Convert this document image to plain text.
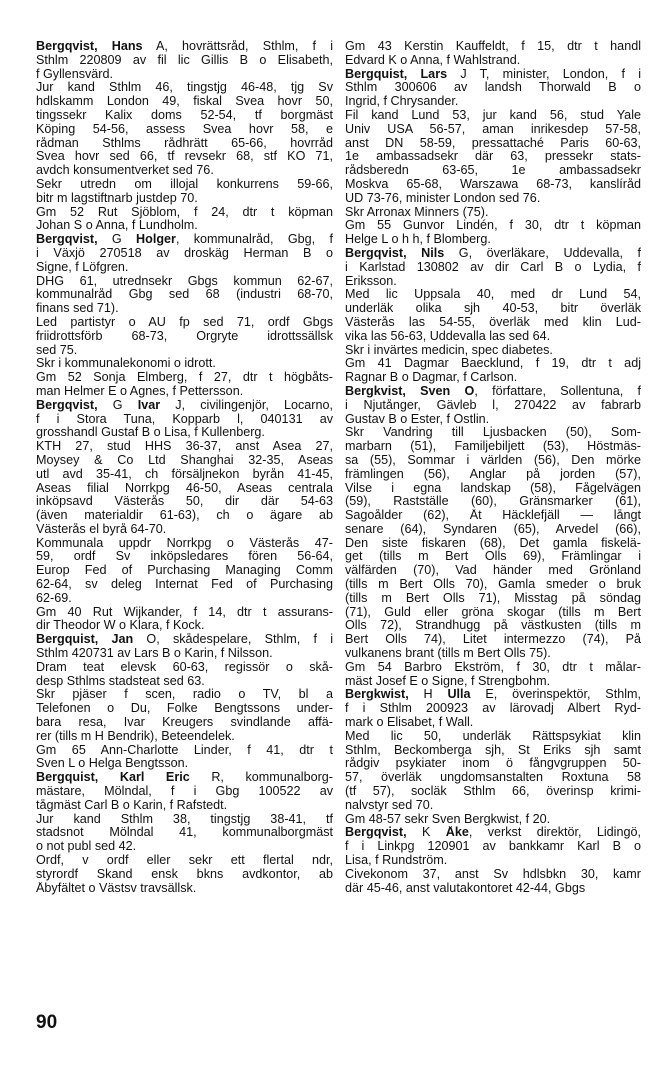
Bergqvist, Hans A, hovrättsråd, Sthlm, f i
Sthlm 220809 av fil lic Gillis B o Elisabeth,
f Gyllensvärd.
Jur kand Sthlm 46, tingstjg 46-48, tjg Sv
hdlskamm London 49, fiskal Svea hovr 50,
tingssekr Kalix doms 52-54, tf borgmäst
Köping 54-56, assess Svea hovr 58, e
rådman Sthlms rådhrätt 65-66, hovrråd
Svea hovr sed 66, tf revsekr 68, stf KO 71,
avdch konsumentverket sed 76.
Sekr utredn om illojal konkurrens 59-66,
bitr m lagstiftnarb justdep 70.
Gm 52 Rut Sjöblom, f 24, dtr t köpman
Johan S o Anna, f Lundholm.
Bergqvist, G Holger, kommunalråd, Gbg, f
i Växjö 270518 av droskäg Herman B o
Signe, f Löfgren.
DHG 61, utrednsekr Gbgs kommun 62-67,
kommunalråd Gbg sed 68 (industri 68-70,
finans sed 71).
Led partistyr o AU fp sed 71, ordf Gbgs
friidrottsförb 68-73, Örgryte idrottssällsk
sed 75.
Skr i kommunalekonomi o idrott.
Gm 52 Sonja Elmberg, f 27, dtr t högbåts-
man Helmer E o Agnes, f Pettersson.
Bergqvist, G Ivar J, civilingenjör, Locarno,
f i Stora Tuna, Kopparb l, 040131 av
grosshandl Gustaf B o Lisa, f Kullenberg.
KTH 27, stud HHS 36-37, anst Asea 27,
Moysey & Co Ltd Shanghai 32-35, Aseas
utl avd 35-41, ch försäljnekon byrån 41-45,
Aseas filial Norrkpg 46-50, Aseas centrala
inköpsavd Västerås 50, dir där 54-63
(även materialdir 61-63), ch o ägare ab
Västerås el byrå 64-70.
Kommunala uppdr Norrkpg o Västerås 47-
59, ordf Sv inköpsledares fören 56-64,
Europ Fed of Purchasing Managing Comm
62-64, sv deleg Internat Fed of Purchasing
62-69.
Gm 40 Rut Wijkander, f 14, dtr t assurans-
dir Theodor W o Klara, f Kock.
Bergquist, Jan O, skådespelare, Sthlm, f i
Sthlm 420731 av Lars B o Karin, f Nilsson.
Dram teat elevsk 60-63, regissör o skå-
desp Sthlms stadsteat sed 63.
Skr pjäser f scen, radio o TV, bl a
Telefonen o Du, Folke Bengtssons under-
bara resa, Ivar Kreugers svindlande affä-
rer (tills m H Bendrik), Beteendelek.
Gm 65 Ann-Charlotte Linder, f 41, dtr t
Sven L o Helga Bengtsson.
Bergquist, Karl Eric R, kommunalborg-
mästare, Mölndal, f i Gbg 100522 av
tågmäst Carl B o Karin, f Rafstedt.
Jur kand Sthlm 38, tingstjg 38-41, tf
stadsnot Mölndal 41, kommunalborgmäst
o not publ sed 42.
Ordf, v ordf eller sekr ett flertal ndr,
styrordf Skand ensk bkns avdkontor, ab
Åbyfältet o Västsv travsällsk.
Gm 43 Kerstin Kauffeldt, f 15, dtr t handl
Edvard K o Anna, f Wahlstrand.
Bergquist, Lars J T, minister, London, f i
Sthlm 300606 av landsh Thorwald B o
Ingrid, f Chrysander.
Fil kand Lund 53, jur kand 56, stud Yale
Univ USA 56-57, aman inrikesdep 57-58,
anst DN 58-59, pressattaché Paris 60-63,
1e ambassadsekr där 63, pressekr stats-
rådsberedn 63-65, 1e ambassadsekr
Moskva 65-68, Warszawa 68-73, kanslíråd
UD 73-76, minister London sed 76.
Skr Arronax Minners (75).
Gm 55 Gunvor Lindén, f 30, dtr t köpman
Helge L o h h, f Blomberg.
Bergqvist, Nils G, överläkare, Uddevalla, f
i Karlstad 130802 av dir Carl B o Lydia, f
Eriksson.
Med lic Uppsala 40, med dr Lund 54,
underläk olika sjh 40-53, bitr överläk
Västerås las 54-55, överläk med klin Lud-
vika las 56-63, Uddevalla las sed 64.
Skr i invärtes medicin, spec diabetes.
Gm 41 Dagmar Baecklund, f 19, dtr t adj
Ragnar B o Dagmar, f Carlson.
Bergkvist, Sven O, författare, Sollentuna, f
i Njutånger, Gävleb l, 270422 av fabrarb
Gustav B o Ester, f Östlin.
Skr Vandring till Ljusbacken (50), Som-
marbarn (51), Familjebiljett (53), Höstmäs-
sa (55), Sommar i världen (56), Den mörke
främlingen (56), Änglar på jorden (57),
Vilse i egna landskap (58), Fågelvägen
(59), Rastställe (60), Gränsmarker (61),
Sagoålder (62), Åt Häcklefjäll — långt
senare (64), Syndaren (65), Arvedel (66),
Den siste fiskaren (68), Det gamla fiskelä-
get (tills m Bert Olls 69), Främlingar i
välfärden (70), Vad händer med Grönland
(tills m Bert Olls 70), Gamla smeder o bruk
(tills m Bert Olls 71), Misstag på söndag
(71), Guld eller gröna skogar (tills m Bert
Olls 72), Strandhugg på västkusten (tills m
Bert Olls 74), Litet intermezzo (74), På
vulkanens brant (tills m Bert Olls 75).
Gm 54 Barbro Ekström, f 30, dtr t målar-
mäst Josef E o Signe, f Strengbohm.
Bergkwist, H Ulla E, överinspektör, Sthlm,
f i Sthlm 200923 av lärovadj Albert Ryd-
mark o Elisabet, f Wall.
Med lic 50, underläk Rättspsykiat klin
Sthlm, Beckomberga sjh, St Eriks sjh samt
rådgiv psykiater inom ö fångvgruppen 50-
57, överläk ungdomsanstalten Roxtuna 58
(tf 57), socläk Sthlm 66, överinsp krimi-
nalvstyr sed 70.
Gm 48-57 sekr Sven Bergkwist, f 20.
Bergqvist, K Åke, verkst direktör, Lidingö,
f i Linkpg 120901 av bankkamr Karl B o
Lisa, f Rundström.
Civekonom 37, anst Sv hdlsbkn 30, kamr
där 45-46, anst valutakontoret 42-44, Gbgs
90
